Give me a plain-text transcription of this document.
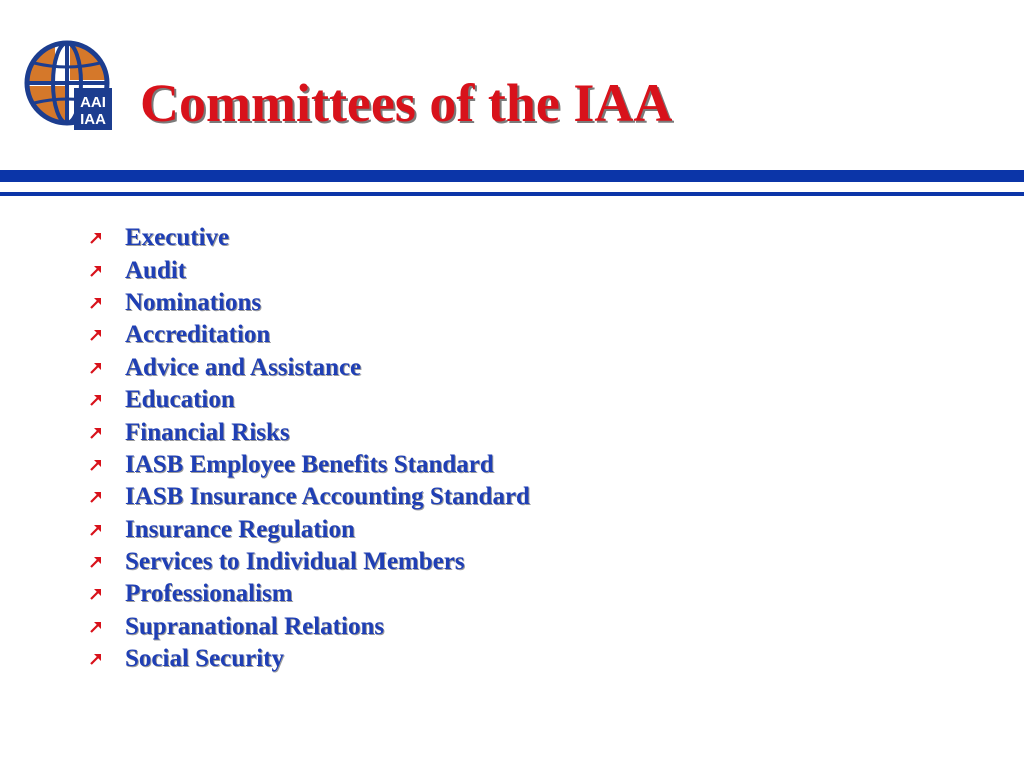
AAI
IAA Committees of the IAA
Executive
Audit
Nominations
Accreditation
Advice and Assistance
Education
Financial Risks
IASB Employee Benefits Standard
IASB Insurance Accounting Standard
Insurance Regulation
Services to Individual Members
Professionalism
Supranational Relations
Social Security
